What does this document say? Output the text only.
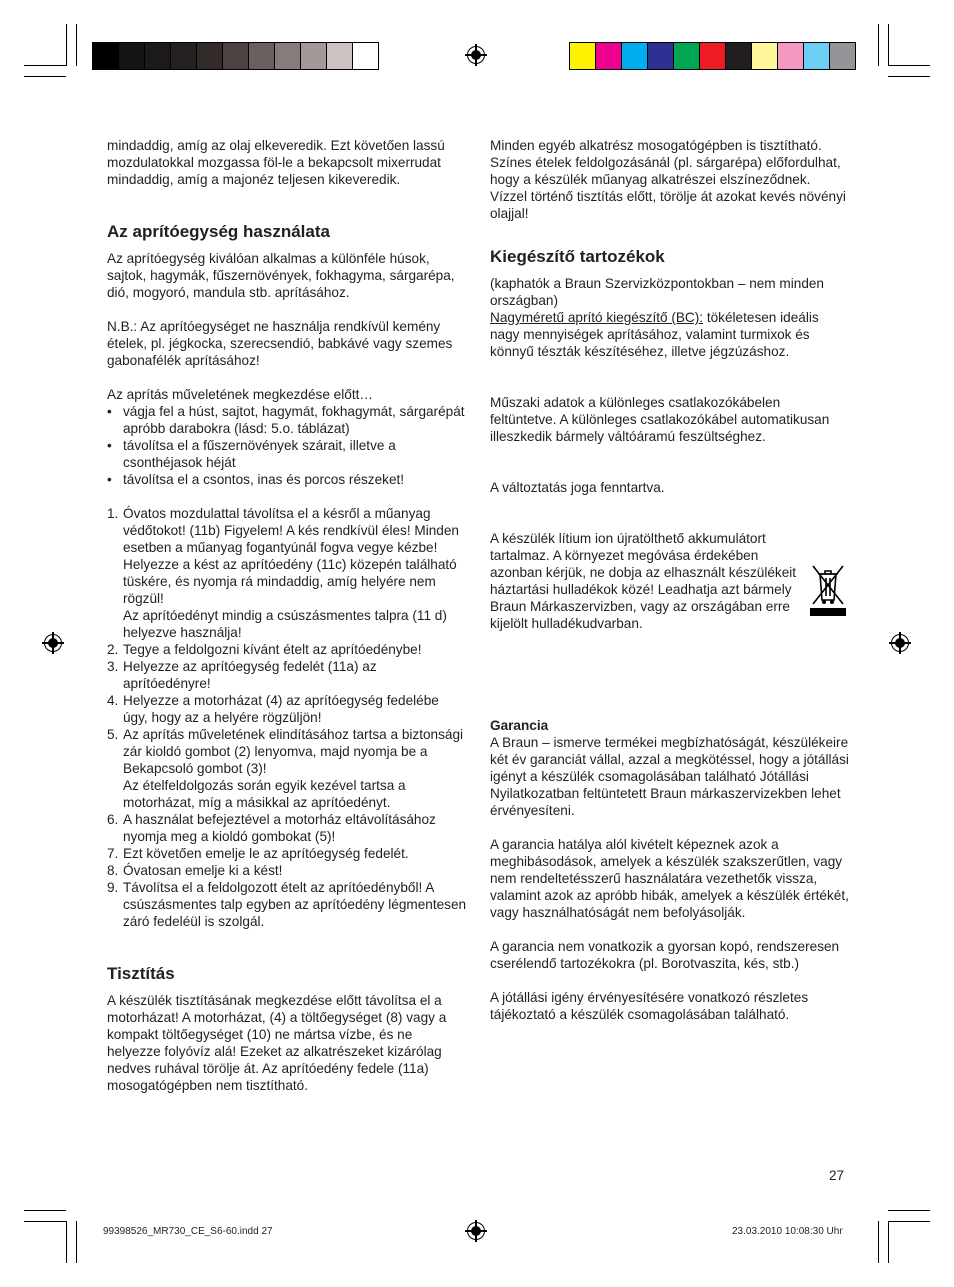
mindaddig, amíg az olaj elkeveredik. Ezt követően lassú mozdulatokkal mozgassa föl-le a bekapcsolt mixerrudat mindaddig, amíg a majonéz teljesen kikeveredik.

Az aprítóegység használata

Az aprítóegység kiválóan alkalmas a különféle húsok, sajtok, hagymák, fűszernövények, fokhagyma, sárgarépa, dió, mogyoró, mandula stb. aprításához.

N.B.: Az aprítóegységet ne használja rendkívül kemény ételek, pl. jégkocka, szerecsendió, babkávé vagy szemes gabonafélék aprításához!

Az aprítás műveletének megkezdése előtt…

• vágja fel a húst, sajtot, hagymát, fokhagymát, sárgarépát apróbb darabokra (lásd: 5.o. táblázat)
• távolítsa el a fűszernövények szárait, illetve a csonthéjasok héját
• távolítsa el a csontos, inas és porcos részeket!
1. Óvatos mozdulattal távolítsa el a késről a műanyag védőtokot! (11b) Figyelem! A kés rendkívül éles! Minden esetben a műanyag fogantyúnál fogva vegye kézbe! Helyezze a kést az aprítóedény (11c) közepén található tüskére, és nyomja rá mindaddig, amíg helyére nem rögzül!
Az aprítóedényt mindig a csúszásmentes talpra (11 d) helyezve használja!
2. Tegye a feldolgozni kívánt ételt az aprítóedénybe!
3. Helyezze az aprítóegység fedelét (11a) az aprítóedényre!
4. Helyezze a motorházat (4) az aprítóegység fedelébe úgy, hogy az a helyére rögzüljön!
5. Az aprítás műveletének elindításához tartsa a biztonsági zár kioldó gombot (2) lenyomva, majd nyomja be a Bekapcsoló gombot (3)!
Az ételfeldolgozás során egyik kezével tartsa a motorházat, míg a másikkal az aprítóedényt.
6. A használat befejeztével a motorház eltávolításához nyomja meg a kioldó gombokat (5)!
7. Ezt követően emelje le az aprítóegység fedelét.
8. Óvatosan emelje ki a kést!
9. Távolítsa el a feldolgozott ételt az aprítóedényből! A csúszásmentes talp egyben az aprítóedény légmentesen záró fedeléül is szolgál.
Tisztítás

A készülék tisztításának megkezdése előtt távolítsa el a motorházat! A motorházat, (4) a töltőegységet (8) vagy a kompakt töltőegységet (10) ne mártsa vízbe, és ne helyezze folyóvíz alá! Ezeket az alkatrészeket kizárólag nedves ruhával törölje át. Az aprítóedény fedele (11a) mosogatógépben nem tisztítható.

Minden egyéb alkatrész mosogatógépben is tisztítható. Színes ételek feldolgozásánál (pl. sárgarépa) előfordulhat, hogy a készülék műanyag alkatrészei elszíneződnek.

Vízzel történő tisztítás előtt, törölje át azokat kevés növényi olajjal!

Kiegészítő tartozékok

(kaphatók a Braun Szervizközpontokban – nem minden országban)

Nagyméretű aprító kiegészítő (BC): tökéletesen ideális nagy mennyiségek aprításához, valamint turmixok és könnyű tészták készítéséhez, illetve jégzúzáshoz.

Műszaki adatok a különleges csatlakozókábelen feltüntetve. A különleges csatlakozókábel automatikusan illeszkedik bármely váltóáramú feszültséghez.

A változtatás joga fenntartva.

A készülék lítium ion újratölthető akkumulátort tartalmaz. A környezet megóvása érdekében azonban kérjük, ne dobja az elhasznált készülékeit háztartási hulladékok közé! Leadhatja azt bármely Braun Márkaszervizben, vagy az országában erre kijelölt hulladékudvarban.

Garancia

A Braun – ismerve termékei megbízhatóságát, készülékeire két év garanciát vállal, azzal a megkötéssel, hogy a jótállási igényt a készülék csomagolásában található Jótállási Nyilatkozatban feltüntetett Braun márkaszervizekben lehet érvényesíteni.

A garancia hatálya alól kivételt képeznek azok a meghibásodások, amelyek a készülék szakszerűtlen, vagy nem rendeltetésszerű használatára vezethetők vissza, valamint azok az apróbb hibák, amelyek a készülék értékét, vagy használhatóságát nem befolyásolják.

A garancia nem vonatkozik a gyorsan kopó, rendszeresen cserélendő tartozékokra (pl. Borotvaszita, kés, stb.)

A jótállási igény érvényesítésére vonatkozó részletes tájékoztató a készülék csomagolásában található.

27
99398526_MR730_CE_S6-60.indd 27	23.03.2010 10:08:30 Uhr
